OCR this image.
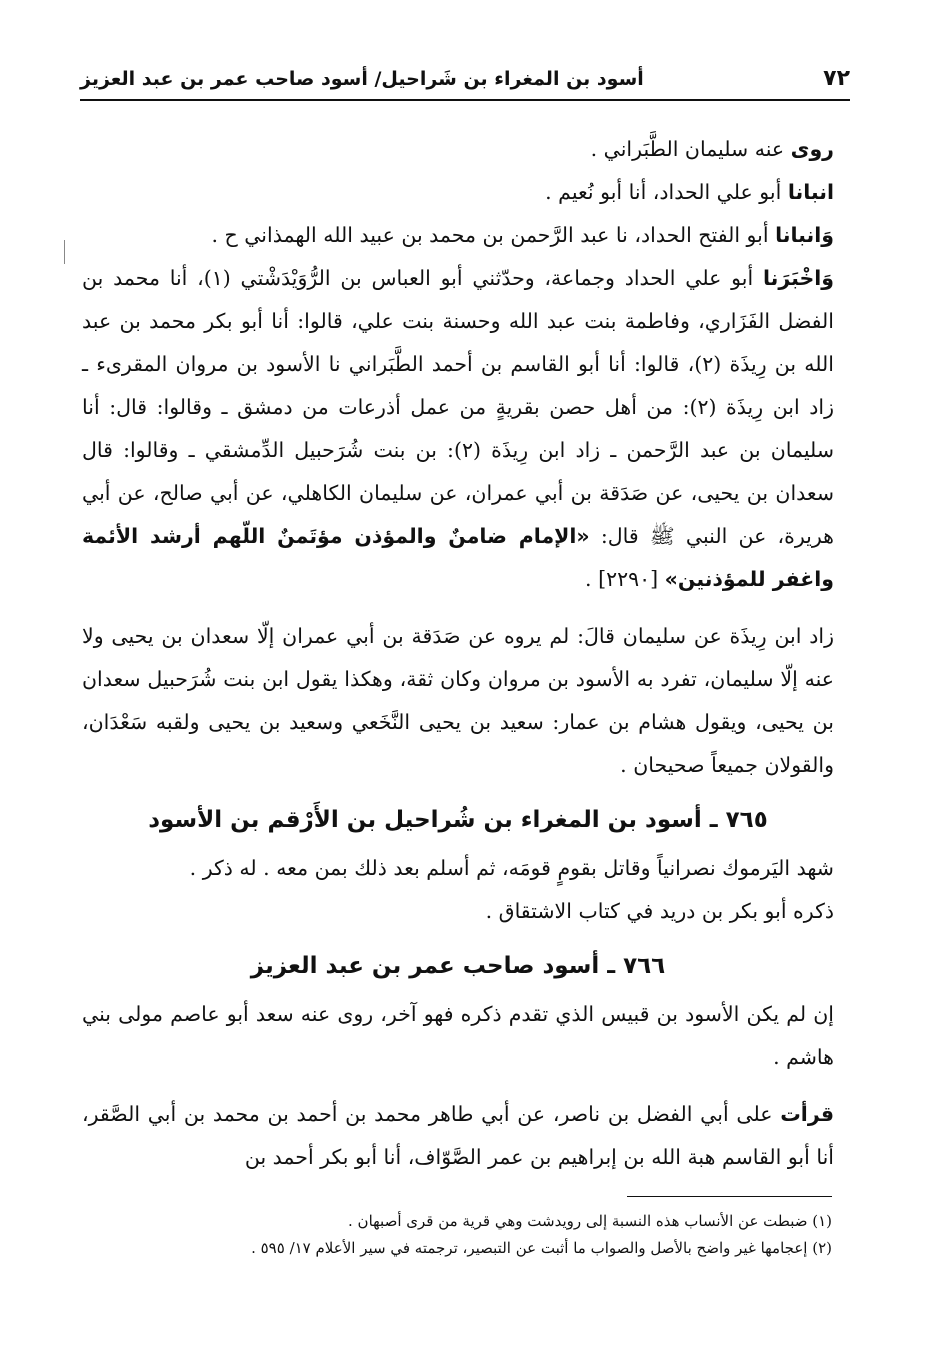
٧٢
أسود بن المغراء بن شَراحيل/ أسود صاحب عمر بن عبد العزيز

روى عنه سليمان الطَّبَراني .

انبانا أبو علي الحداد، أنا أبو نُعيم .

وَانبانا أبو الفتح الحداد، نا عبد الرَّحمن بن محمد بن عبيد الله الهمذاني ح .

وَاخْبَرَنا أبو علي الحداد وجماعة، وحدّثني أبو العباس بن الرُّوَيْدَشْتي (١)، أنا محمد بن الفضل الفَزَاري، وفاطمة بنت عبد الله وحسنة بنت علي، قالوا: أنا أبو بكر محمد بن عبد الله بن رِيذَة (٢)، قالوا: أنا أبو القاسم بن أحمد الطَّبَراني نا الأسود بن مروان المقرىء ـ زاد ابن رِيذَة (٢): من أهل حصن بقريةٍ من عمل أذرعات من دمشق ـ وقالوا: قال: أنا سليمان بن عبد الرَّحمن ـ زاد ابن رِيذَة (٢): بن بنت شُرَحبيل الدِّمشقي ـ وقالوا: قال سعدان بن يحيى، عن صَدَقة بن أبي عمران، عن سليمان الكاهلي، عن أبي صالح، عن أبي هريرة، عن النبي ﷺ قال: «الإمام ضامنٌ والمؤذن مؤتَمنٌ اللّهم أرشد الأئمة واغفر للمؤذنين» [٢٢٩٠] .

زاد ابن رِيذَة عن سليمان قالَ: لم يروه عن صَدَقة بن أبي عمران إلّا سعدان بن يحيى ولا عنه إلّا سليمان، تفرد به الأسود بن مروان وكان ثقة، وهكذا يقول ابن بنت شُرَحبيل سعدان بن يحيى، ويقول هشام بن عمار: سعيد بن يحيى النَّخَعي وسعيد بن يحيى ولقبه سَعْدَان، والقولان جميعاً صحيحان .

٧٦٥ ـ أسود بن المغراء بن شُراحيل بن الأَرْقم بن الأسود

شهد اليَرموك نصرانياً وقاتل بقومٍ قومَه، ثم أسلم بعد ذلك بمن معه . له ذكر .

ذكره أبو بكر بن دريد في كتاب الاشتقاق .

٧٦٦ ـ أسود صاحب عمر بن عبد العزيز

إن لم يكن الأسود بن قبيس الذي تقدم ذكره فهو آخر، روى عنه سعد أبو عاصم مولى بني هاشم .

قرأت على أبي الفضل بن ناصر، عن أبي طاهر محمد بن أحمد بن محمد بن أبي الصَّقر، أنا أبو القاسم هبة الله بن إبراهيم بن عمر الصَّوّاف، أنا أبو بكر أحمد بن

(١) ضبطت عن الأنساب هذه النسبة إلى رويدشت وهي قرية من قرى أصبهان .

(٢) إعجامها غير واضح بالأصل والصواب ما أثبت عن التبصير، ترجمته في سير الأعلام ١٧/ ٥٩٥ .
